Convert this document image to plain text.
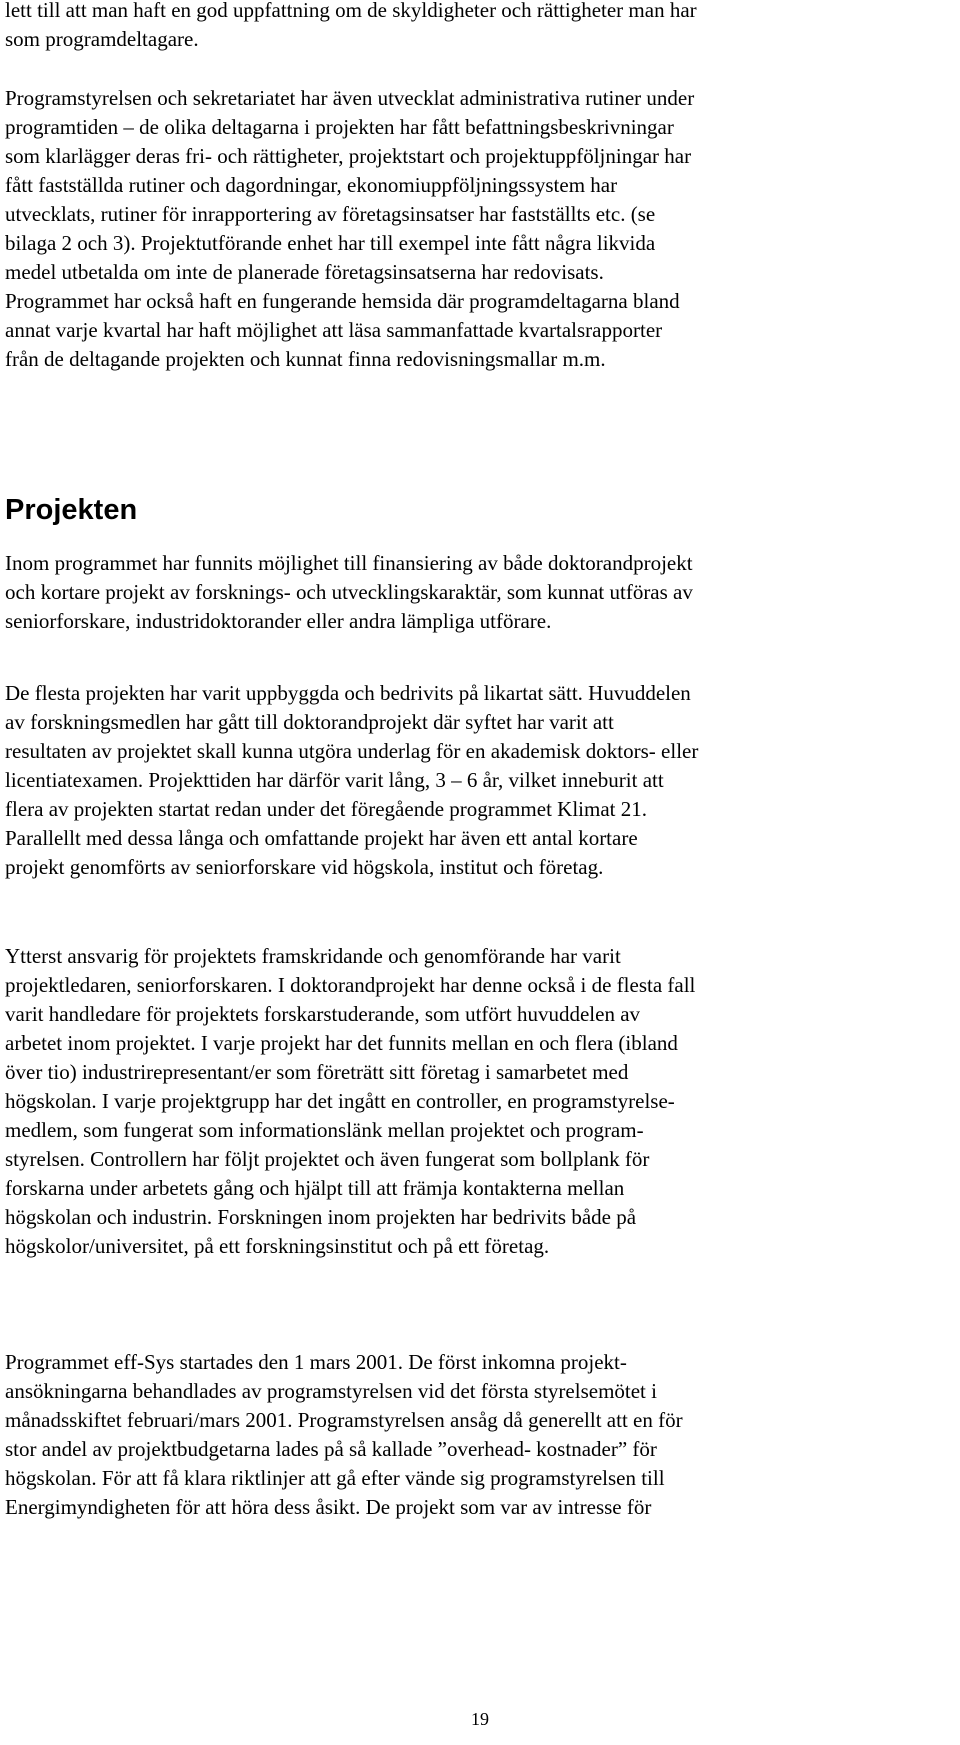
lett till att man haft en god uppfattning om de skyldigheter och rättigheter man har
som programdeltagare.

Programstyrelsen och sekretariatet har även utvecklat administrativa rutiner under
programtiden – de olika deltagarna i projekten har fått befattningsbeskrivningar
som klarlägger deras fri- och rättigheter, projektstart och projektuppföljningar har
fått fastställda rutiner och dagordningar, ekonomiuppföljningssystem har
utvecklats, rutiner för inrapportering av företagsinsatser har fastställts etc. (se
bilaga 2 och 3). Projektutförande enhet har till exempel inte fått några likvida
medel utbetalda om inte de planerade företagsinsatserna har redovisats.
Programmet har också haft en fungerande hemsida där programdeltagarna bland
annat varje kvartal har haft möjlighet att läsa sammanfattade kvartalsrapporter
från de deltagande projekten och kunnat finna redovisningsmallar m.m.

Projekten

Inom programmet har funnits möjlighet till finansiering av både doktorandprojekt
och kortare projekt av forsknings- och utvecklingskaraktär, som kunnat utföras av
seniorforskare, industridoktorander eller andra lämpliga utförare.

De flesta projekten har varit uppbyggda och bedrivits på likartat sätt. Huvuddelen
av forskningsmedlen har gått till doktorandprojekt där syftet har varit att
resultaten av projektet skall kunna utgöra underlag för en akademisk doktors- eller
licentiatexamen. Projekttiden har därför varit lång, 3 – 6 år, vilket inneburit att
flera av projekten startat redan under det föregående programmet Klimat 21.
Parallellt med dessa långa och omfattande projekt har även ett antal kortare
projekt genomförts av seniorforskare vid högskola, institut och företag.

Ytterst ansvarig för projektets framskridande och genomförande har varit
projektledaren, seniorforskaren. I doktorandprojekt har denne också i de flesta fall
varit handledare för projektets forskarstuderande, som utfört huvuddelen av
arbetet inom projektet. I varje projekt har det funnits mellan en och flera (ibland
över tio) industrirepresentant/er som företrätt sitt företag i samarbetet med
högskolan. I varje projektgrupp har det ingått en controller, en programstyrelse-
medlem, som fungerat som informationslänk mellan projektet och program-
styrelsen. Controllern har följt projektet och även fungerat som bollplank för
forskarna under arbetets gång och hjälpt till att främja kontakterna mellan
högskolan och industrin. Forskningen inom projekten har bedrivits både på
högskolor/universitet, på ett forskningsinstitut och på ett företag.

Programmet eff-Sys startades den 1 mars 2001. De först inkomna projekt-
ansökningarna behandlades av programstyrelsen vid det första styrelsemötet i
månadsskiftet februari/mars 2001. Programstyrelsen ansåg då generellt att en för
stor andel av projektbudgetarna lades på så kallade ”overhead- kostnader” för
högskolan. För att få klara riktlinjer att gå efter vände sig programstyrelsen till
Energimyndigheten för att höra dess åsikt. De projekt som var av intresse för

19
